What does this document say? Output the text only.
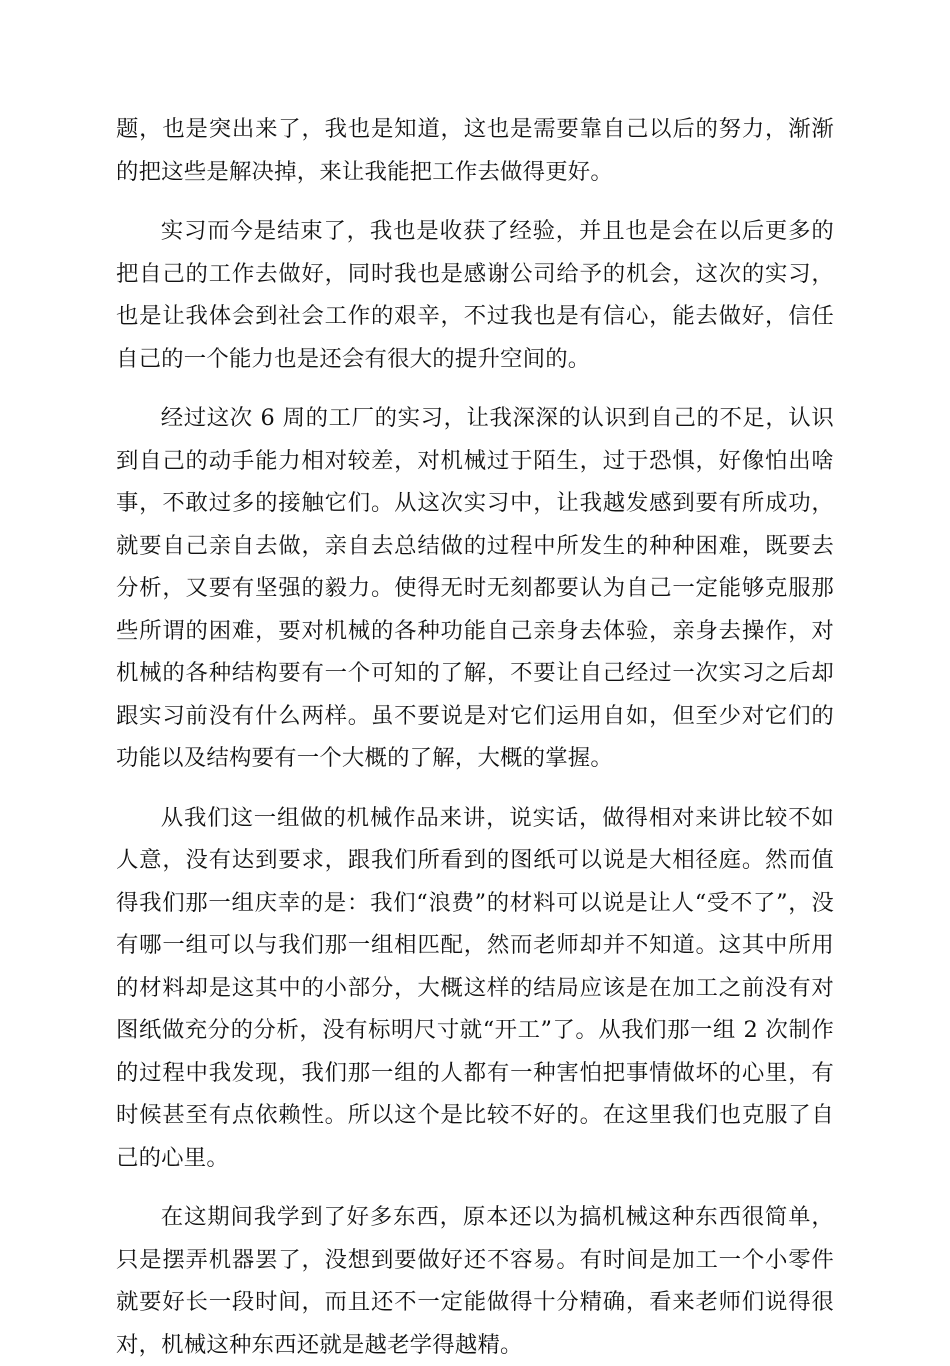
题，也是突出来了，我也是知道，这也是需要靠自己以后的努力，渐渐的把这些是解决掉，来让我能把工作去做得更好。

实习而今是结束了，我也是收获了经验，并且也是会在以后更多的把自己的工作去做好，同时我也是感谢公司给予的机会，这次的实习，也是让我体会到社会工作的艰辛，不过我也是有信心，能去做好，信任自己的一个能力也是还会有很大的提升空间的。

经过这次 6 周的工厂的实习，让我深深的认识到自己的不足，认识到自己的动手能力相对较差，对机械过于陌生，过于恐惧，好像怕出啥事，不敢过多的接触它们。从这次实习中，让我越发感到要有所成功，就要自己亲自去做，亲自去总结做的过程中所发生的种种困难，既要去分析，又要有坚强的毅力。使得无时无刻都要认为自己一定能够克服那些所谓的困难，要对机械的各种功能自己亲身去体验，亲身去操作，对机械的各种结构要有一个可知的了解，不要让自己经过一次实习之后却跟实习前没有什么两样。虽不要说是对它们运用自如，但至少对它们的功能以及结构要有一个大概的了解，大概的掌握。

从我们这一组做的机械作品来讲，说实话，做得相对来讲比较不如人意，没有达到要求，跟我们所看到的图纸可以说是大相径庭。然而值得我们那一组庆幸的是：我们“浪费”的材料可以说是让人“受不了”，没有哪一组可以与我们那一组相匹配，然而老师却并不知道。这其中所用的材料却是这其中的小部分，大概这样的结局应该是在加工之前没有对图纸做充分的分析，没有标明尺寸就“开工”了。从我们那一组 2 次制作的过程中我发现，我们那一组的人都有一种害怕把事情做坏的心里，有时候甚至有点依赖性。所以这个是比较不好的。在这里我们也克服了自己的心里。

在这期间我学到了好多东西，原本还以为搞机械这种东西很简单，只是摆弄机器罢了，没想到要做好还不容易。有时间是加工一个小零件就要好长一段时间，而且还不一定能做得十分精确，看来老师们说得很对，机械这种东西还就是越老学得越精。
